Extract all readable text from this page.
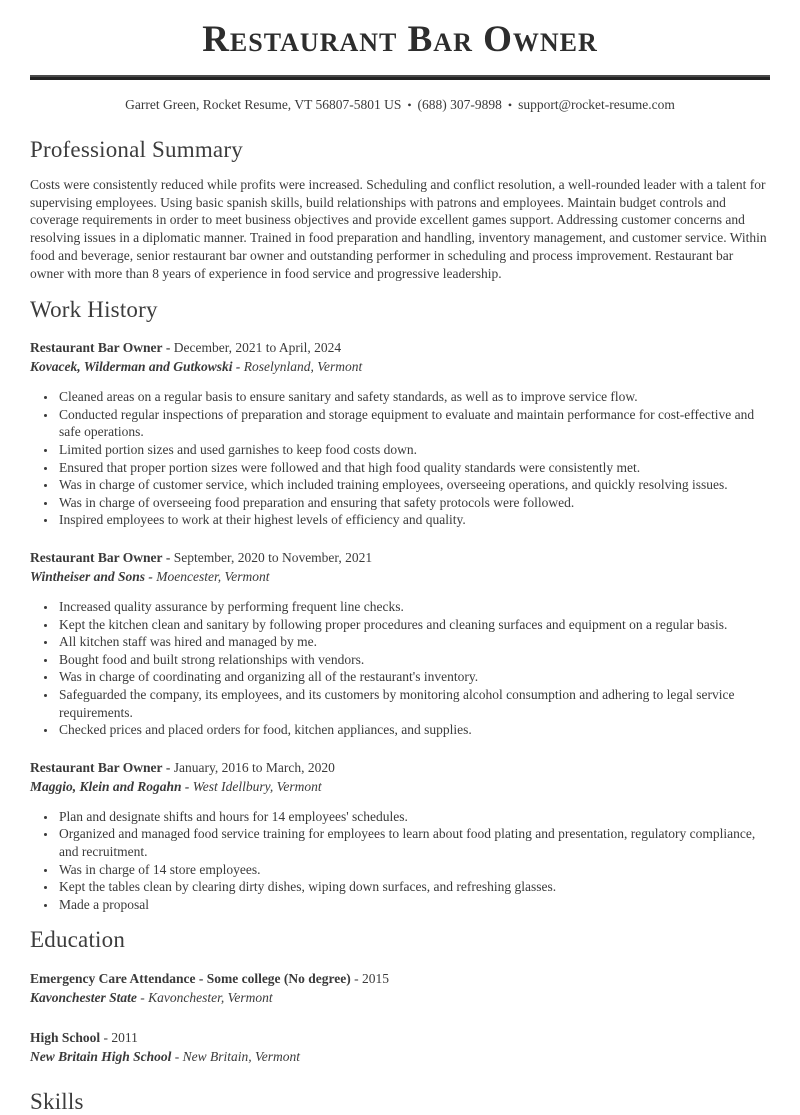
Restaurant Bar Owner
Garret Green, Rocket Resume, VT 56807-5801 US • (688) 307-9898 • support@rocket-resume.com
Professional Summary

Costs were consistently reduced while profits were increased. Scheduling and conflict resolution, a well-rounded leader with a talent for supervising employees. Using basic spanish skills, build relationships with patrons and employees. Maintain budget controls and coverage requirements in order to meet business objectives and provide excellent games support. Addressing customer concerns and resolving issues in a diplomatic manner. Trained in food preparation and handling, inventory management, and customer service. Within food and beverage, senior restaurant bar owner and outstanding performer in scheduling and process improvement. Restaurant bar owner with more than 8 years of experience in food service and progressive leadership.

Work History
Restaurant Bar Owner - December, 2021 to April, 2024
Kovacek, Wilderman and Gutkowski - Roselynland, Vermont
• Cleaned areas on a regular basis to ensure sanitary and safety standards, as well as to improve service flow.
• Conducted regular inspections of preparation and storage equipment to evaluate and maintain performance for cost-effective and safe operations.
• Limited portion sizes and used garnishes to keep food costs down.
• Ensured that proper portion sizes were followed and that high food quality standards were consistently met.
• Was in charge of customer service, which included training employees, overseeing operations, and quickly resolving issues.
• Was in charge of overseeing food preparation and ensuring that safety protocols were followed.
• Inspired employees to work at their highest levels of efficiency and quality.
Restaurant Bar Owner - September, 2020 to November, 2021
Wintheiser and Sons - Moencester, Vermont
• Increased quality assurance by performing frequent line checks.
• Kept the kitchen clean and sanitary by following proper procedures and cleaning surfaces and equipment on a regular basis.
• All kitchen staff was hired and managed by me.
• Bought food and built strong relationships with vendors.
• Was in charge of coordinating and organizing all of the restaurant's inventory.
• Safeguarded the company, its employees, and its customers by monitoring alcohol consumption and adhering to legal service requirements.
• Checked prices and placed orders for food, kitchen appliances, and supplies.
Restaurant Bar Owner - January, 2016 to March, 2020
Maggio, Klein and Rogahn - West Idellbury, Vermont
• Plan and designate shifts and hours for 14 employees' schedules.
• Organized and managed food service training for employees to learn about food plating and presentation, regulatory compliance, and recruitment.
• Was in charge of 14 store employees.
• Kept the tables clean by clearing dirty dishes, wiping down surfaces, and refreshing glasses.
• Made a proposal
Education
Emergency Care Attendance - Some college (No degree) - 2015
Kavonchester State - Kavonchester, Vermont
High School - 2011
New Britain High School - New Britain, Vermont
Skills
